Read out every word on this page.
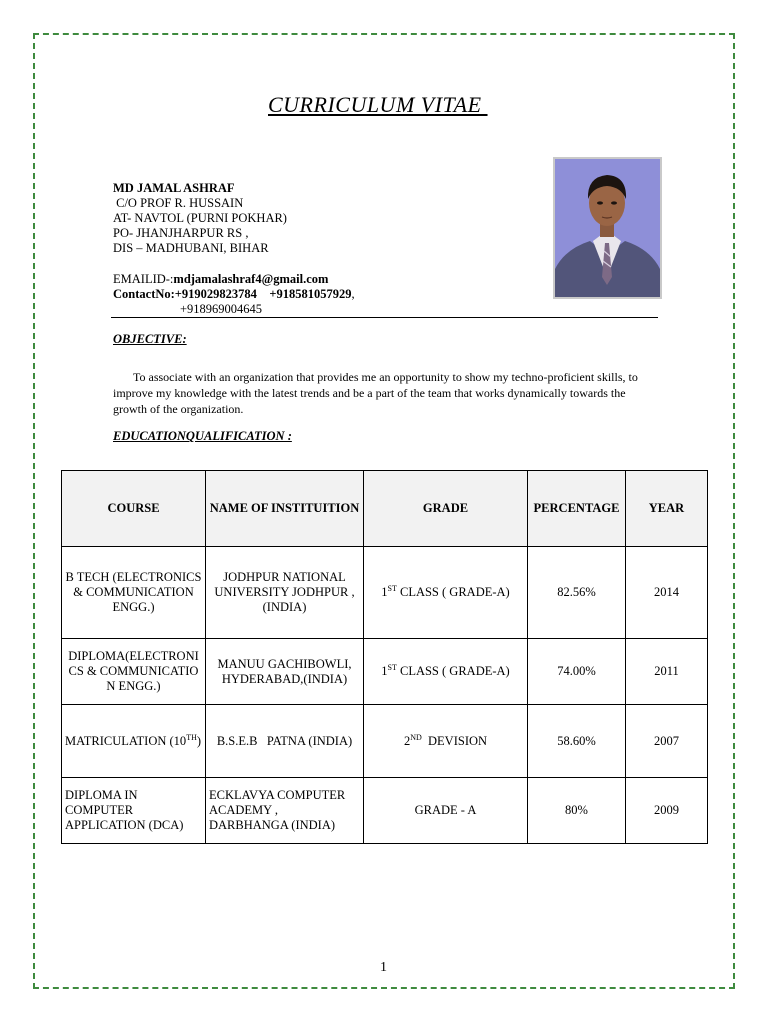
CURRICULUM VITAE
MD JAMAL ASHRAF
C/O PROF R. HUSSAIN
AT- NAVTOL (PURNI POKHAR)
PO- JHANJHARPUR RS ,
DIS – MADHUBANI, BIHAR
EMAILID-:mdjamalashraf4@gmail.com
ContactNo:+919029823784 +918581057929,
+918969004645
OBJECTIVE:
To associate with an organization that provides me an opportunity to show my techno-proficient skills, to improve my knowledge with the latest trends and be a part of the team that works dynamically towards the growth of the organization.
EDUCATIONQUALIFICATION :
COURSE	NAME OF INSTITUITION	GRADE	PERCENTAGE	YEAR
B TECH (ELECTRONICS & COMMUNICATION ENGG.)	JODHPUR NATIONAL UNIVERSITY JODHPUR ,(INDIA)	1ST CLASS ( GRADE-A)	82.56%	2014
DIPLOMA(ELECTRONICS & COMMUNICATION ENGG.)	MANUU GACHIBOWLI, HYDERABAD,(INDIA)	1ST CLASS ( GRADE-A)	74.00%	2011
MATRICULATION (10TH)	B.S.E.B   PATNA (INDIA)	2ND  DEVISION	58.60%	2007
DIPLOMA IN COMPUTER APPLICATION (DCA)	ECKLAVYA COMPUTER ACADEMY , DARBHANGA (INDIA)	GRADE - A	80%	2009
1
